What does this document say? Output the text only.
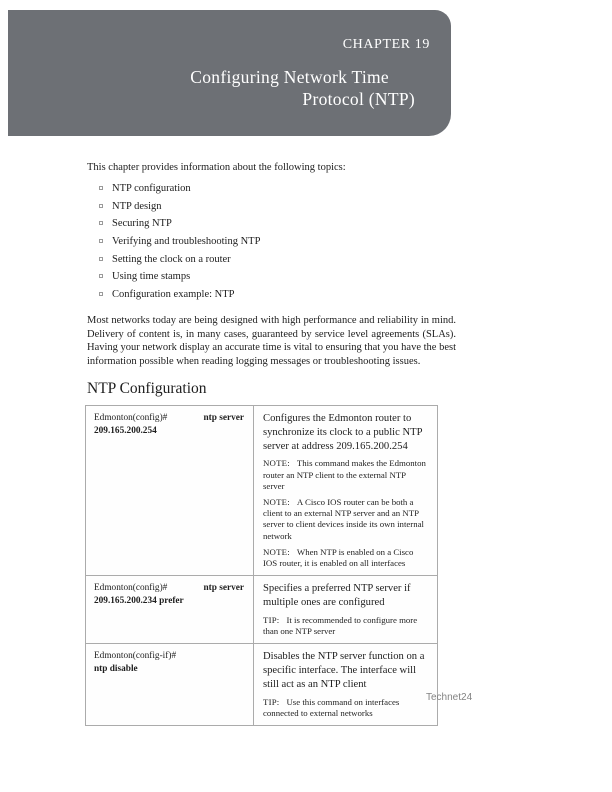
CHAPTER 19
Configuring Network Time
Protocol (NTP)
This chapter provides information about the following topics:
NTP configuration
NTP design
Securing NTP
Verifying and troubleshooting NTP
Setting the clock on a router
Using time stamps
Configuration example: NTP
Most networks today are being designed with high performance and reliability in mind. Delivery of content is, in many cases, guaranteed by service level agreements (SLAs). Having your network display an accurate time is vital to ensuring that you have the best information possible when reading logging messages or troubleshooting issues.
NTP Configuration
Edmonton(config)#	ntp server
209.165.200.254

Configures the Edmonton router to synchronize its clock to a public NTP server at address 209.165.200.254

NOTE: This command makes the Edmonton router an NTP client to the external NTP server

NOTE: A Cisco IOS router can be both a client to an external NTP server and an NTP server to client devices inside its own internal network

NOTE: When NTP is enabled on a Cisco IOS router, it is enabled on all interfaces

Edmonton(config)#	ntp server
209.165.200.234 prefer

Specifies a preferred NTP server if multiple ones are configured

TIP: It is recommended to configure more than one NTP server

Edmonton(config-if)#
ntp disable

Disables the NTP server function on a specific interface. The interface will still act as an NTP client

TIP: Use this command on interfaces connected to external networks

Technet24
